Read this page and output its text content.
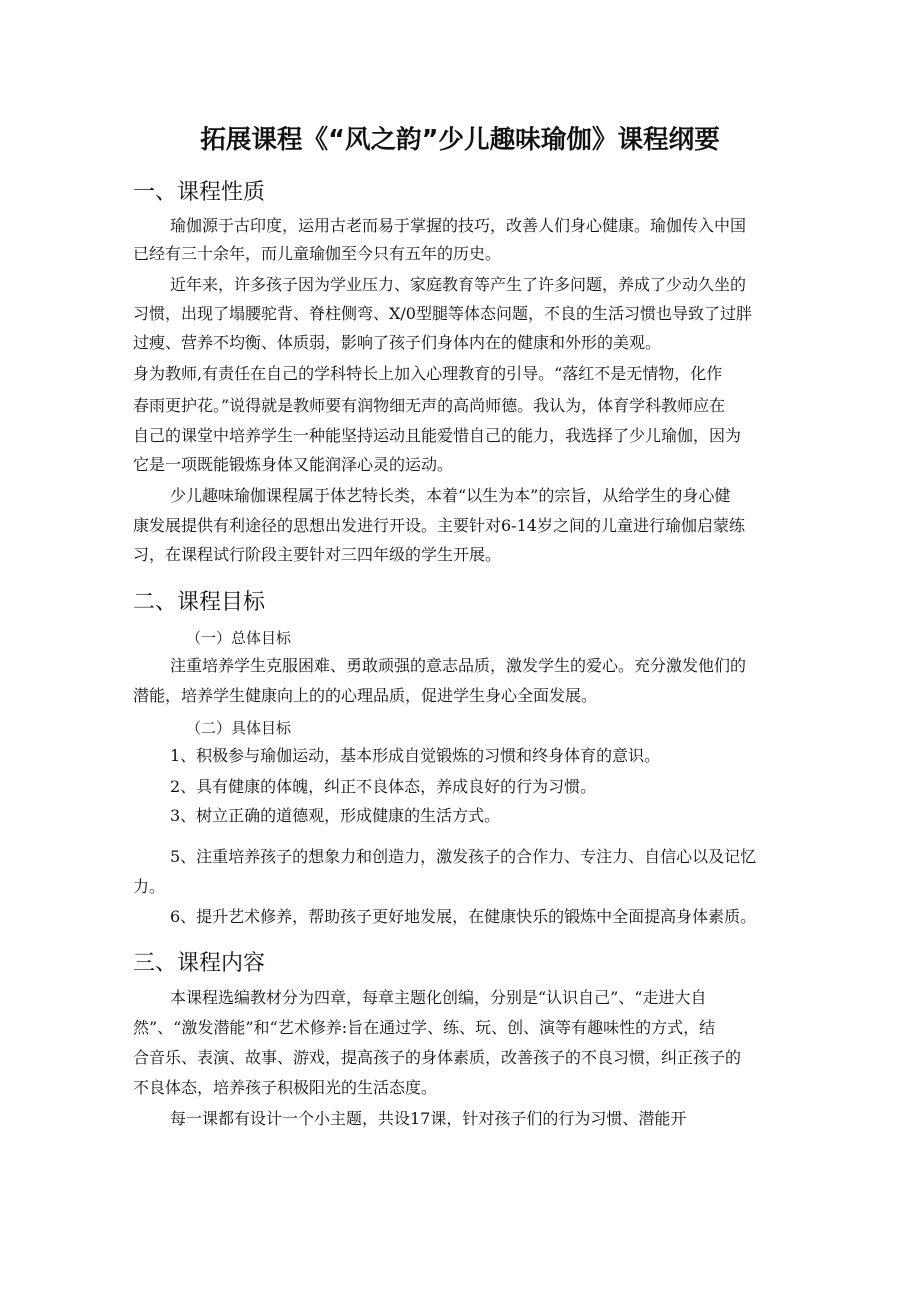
拓展课程《“风之韵”少儿趣味瑜伽》课程纲要
一、课程性质
瑜伽源于古印度，运用古老而易于掌握的技巧，改善人们身心健康。瑜伽传入中国
已经有三十余年，而儿童瑜伽至今只有五年的历史。
近年来，许多孩子因为学业压力、家庭教育等产生了许多问题，养成了少动久坐的
习惯，出现了塌腰驼背、脊柱侧弯、X/0型腿等体态问题，不良的生活习惯也导致了过胖
过瘦、营养不均衡、体质弱，影响了孩子们身体内在的健康和外形的美观。
身为教师,有责任在自己的学科特长上加入心理教育的引导。“落红不是无情物，化作
春雨更护花。”说得就是教师要有润物细无声的高尚师德。我认为，体育学科教师应在
自己的课堂中培养学生一种能坚持运动且能爱惜自己的能力，我选择了少儿瑜伽，因为
它是一项既能锻炼身体又能润泽心灵的运动。
少儿趣味瑜伽课程属于体艺特长类，本着“以生为本”的宗旨，从给学生的身心健
康发展提供有利途径的思想出发进行开设。主要针对6-14岁之间的儿童进行瑜伽启蒙练
习，在课程试行阶段主要针对三四年级的学生开展。
二、课程目标
（一）总体目标
注重培养学生克服困难、勇敢顽强的意志品质，激发学生的爱心。充分激发他们的
潜能，培养学生健康向上的的心理品质，促进学生身心全面发展。
（二）具体目标
1、积极参与瑜伽运动，基本形成自觉锻炼的习惯和终身体育的意识。
2、具有健康的体魄，纠正不良体态，养成良好的行为习惯。
3、树立正确的道德观，形成健康的生活方式。
5、注重培养孩子的想象力和创造力，激发孩子的合作力、专注力、自信心以及记忆
力。
6、提升艺术修养，帮助孩子更好地发展，在健康快乐的锻炼中全面提高身体素质。
三、课程内容
本课程选编教材分为四章，每章主题化创编，分别是“认识自己”、“走进大自
然”、“激发潜能”和“艺术修养:旨在通过学、练、玩、创、演等有趣味性的方式，结
合音乐、表演、故事、游戏，提高孩子的身体素质，改善孩子的不良习惯，纠正孩子的
不良体态，培养孩子积极阳光的生活态度。
每一课都有设计一个小主题，共设17课，针对孩子们的行为习惯、潜能开
